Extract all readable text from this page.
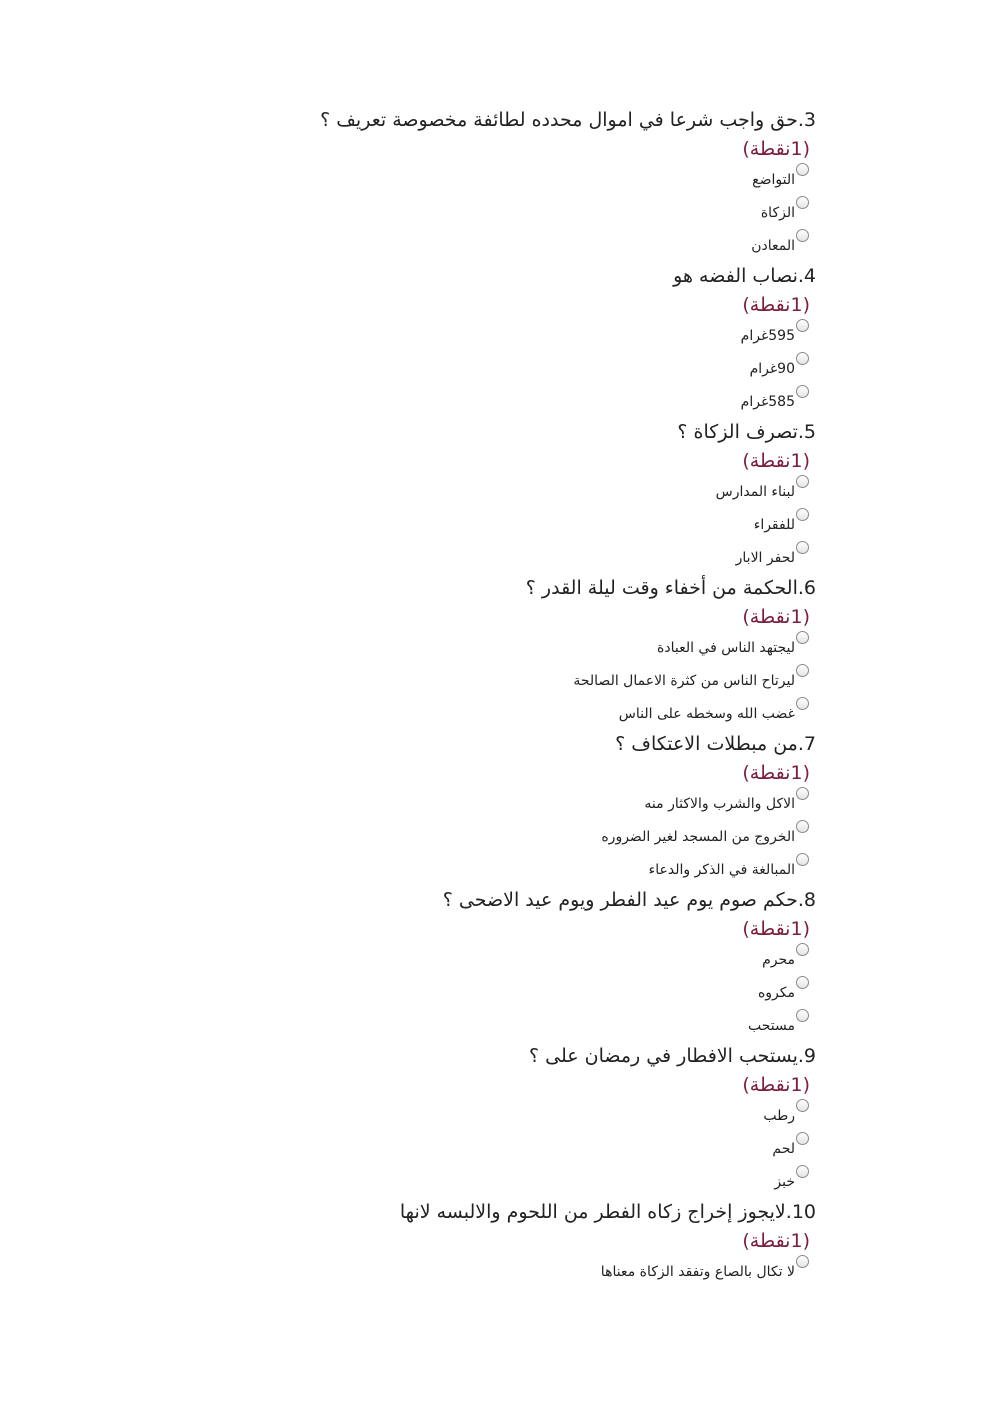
3.حق واجب شرعا في اموال محدده لطائفة مخصوصة تعريف ؟
(1نقطة)
التواضع
الزكاة
المعادن
4.نصاب الفضه هو
(1نقطة)
595غرام
90غرام
585غرام
5.تصرف الزكاة ؟
(1نقطة)
لبناء المدارس
للفقراء
لحفر الابار
6.الحكمة من أخفاء وقت ليلة القدر ؟
(1نقطة)
ليجتهد الناس في العبادة
ليرتاح الناس من كثرة الاعمال الصالحة
غضب الله وسخطه على الناس
7.من مبطلات الاعتكاف ؟
(1نقطة)
الاكل والشرب والاكثار منه
الخروج من المسجد لغير الضروره
المبالغة في الذكر والدعاء
8.حكم صوم يوم عيد الفطر ويوم عيد الاضحى ؟
(1نقطة)
محرم
مكروه
مستحب
9.يستحب الافطار في رمضان على ؟
(1نقطة)
رطب
لحم
خبز
10.لايجوز إخراج زكاه الفطر من اللحوم والالبسه لانها
(1نقطة)
لا تكال بالصاع وتفقد الزكاة معناها
